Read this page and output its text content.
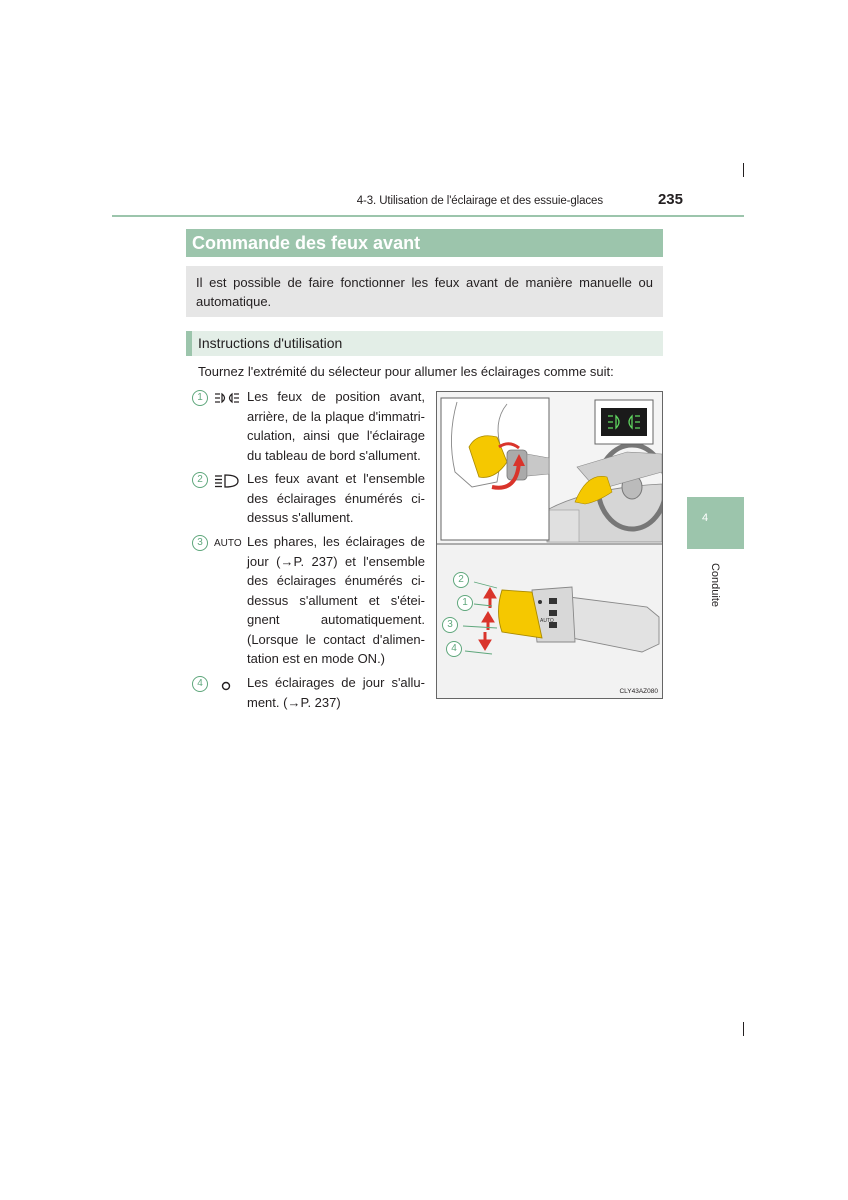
4-3. Utilisation de l'éclairage et des essuie-glaces	235
4
Conduite
Commande des feux avant
Il est possible de faire fonctionner les feux avant de manière manuelle ou automatique.
Instructions d'utilisation
Tournez l'extrémité du sélecteur pour allumer les éclairages comme suit:
1	Les feux de position avant, arrière, de la plaque d'immatri-culation, ainsi que l'éclairage du tableau de bord s'allument.
2	Les feux avant et l'ensemble des éclairages énumérés ci-dessus s'allument.
3	AUTO Les phares, les éclairages de jour (→P. 237) et l'ensemble des éclairages énumérés ci-dessus s'allument et s'étei-gnent automatiquement. (Lorsque le contact d'alimen-tation est en mode ON.)
4	Les éclairages de jour s'allu-ment. (→P. 237)
AUTO
2
1
3
4
CLY43AZ080
